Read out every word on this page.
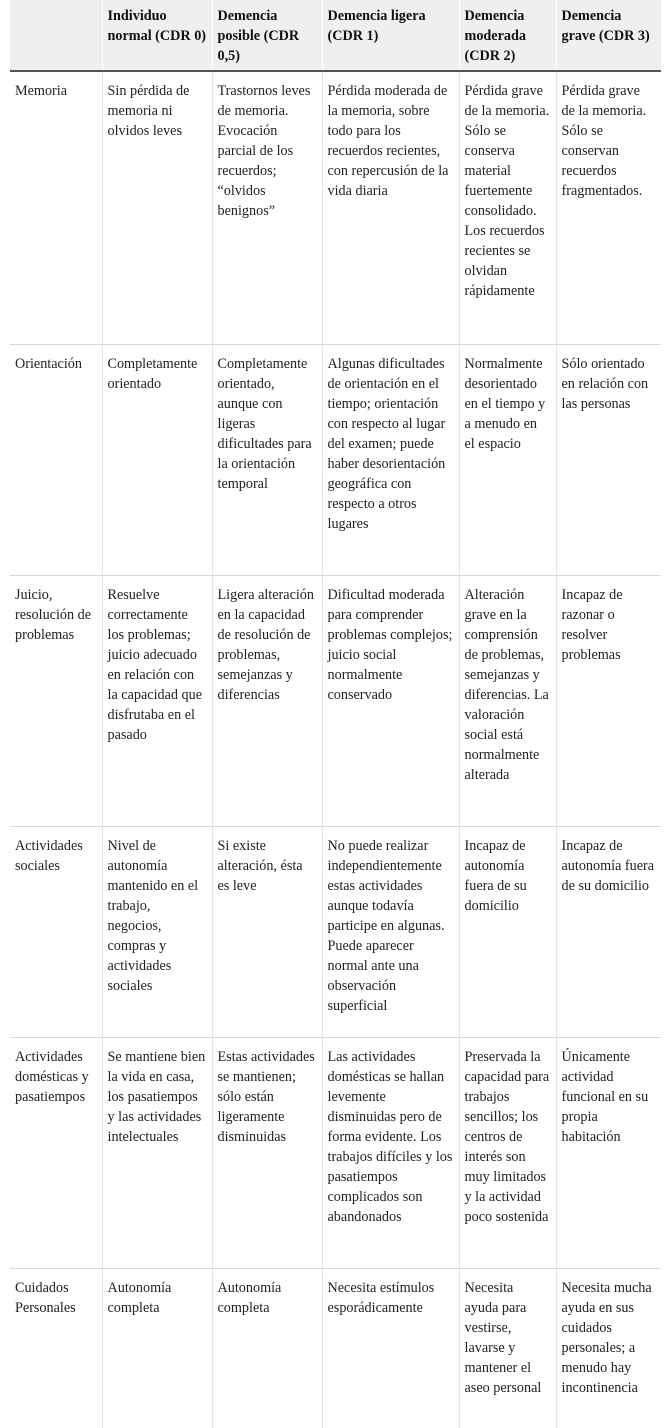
	Individuo normal (CDR 0)	Demencia posible (CDR 0,5)	Demencia ligera (CDR 1)	Demencia moderada (CDR 2)	Demencia grave (CDR 3)
Memoria	Sin pérdida de memoria ni olvidos leves	Trastornos leves de memoria. Evocación parcial de los recuerdos; “olvidos benignos”	Pérdida moderada de la memoria, sobre todo para los recuerdos recientes, con repercusión de la vida diaria	Pérdida grave de la memoria. Sólo se conserva material fuertemente consolidado. Los recuerdos recientes se olvidan rápidamente	Pérdida grave de la memoria. Sólo se conservan recuerdos fragmentados.
Orientación	Completamente orientado	Completamente orientado, aunque con ligeras dificultades para la orientación temporal	Algunas dificultades de orientación en el tiempo; orientación con respecto al lugar del examen; puede haber desorientación geográfica con respecto a otros lugares	Normalmente desorientado en el tiempo y a menudo en el espacio	Sólo orientado en relación con las personas
Juicio, resolución de problemas	Resuelve correctamente los problemas; juicio adecuado en relación con la capacidad que disfrutaba en el pasado	Ligera alteración en la capacidad de resolución de problemas, semejanzas y diferencias	Dificultad moderada para comprender problemas complejos; juicio social normalmente conservado	Alteración grave en la comprensión de problemas, semejanzas y diferencias. La valoración social está normalmente alterada	Incapaz de razonar o resolver problemas
Actividades sociales	Nivel de autonomía mantenido en el trabajo, negocios, compras y actividades sociales	Si existe alteración, ésta es leve	No puede realizar independientemente estas actividades aunque todavía participe en algunas. Puede aparecer normal ante una observación superficial	Incapaz de autonomía fuera de su domicilio	Incapaz de autonomía fuera de su domicilio
Actividades domésticas y pasatiempos	Se mantiene bien la vida en casa, los pasatiempos y las actividades intelectuales	Estas actividades se mantienen; sólo están ligeramente disminuidas	Las actividades domésticas se hallan levemente disminuidas pero de forma evidente. Los trabajos difíciles y los pasatiempos complicados son abandonados	Preservada la capacidad para trabajos sencillos; los centros de interés son muy limitados y la actividad poco sostenida	Únicamente actividad funcional en su propia habitación
Cuidados Personales	Autonomía completa	Autonomía completa	Necesita estímulos esporádicamente	Necesita ayuda para vestirse, lavarse y mantener el aseo personal	Necesita mucha ayuda en sus cuidados personales; a menudo hay incontinencia
